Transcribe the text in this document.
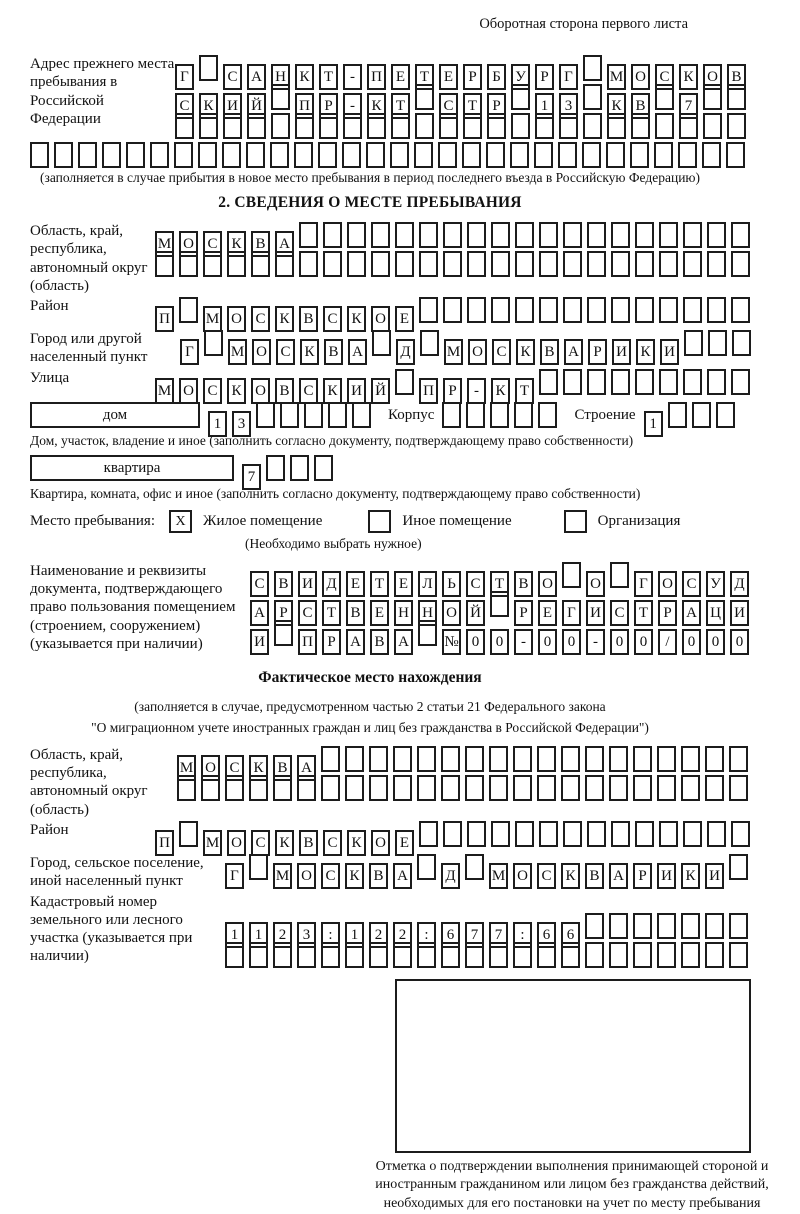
Оборотная сторона первого листа
Адрес прежнего места пребывания в Российской Федерации
Г	С А Н К Т - П Е Т Е Р Б У Р Г М О С К О В
С К И Й П Р - К Т	С Т Р	1 3	К В	7
(заполняется в случае прибытия в новое место пребывания в период последнего въезда в Российскую Федерацию)
2. СВЕДЕНИЯ О МЕСТЕ ПРЕБЫВАНИЯ
Область, край, республика, автономный округ (область)
М О С К В А
Район
П М О С К В С К О Е
Город или другой населенный пункт	Г М О С К В А Д М О С К В А Р И К И
Улица
М О С К О В С К И Й П Р - К Т
дом
1 3
Корпус	Строение
1
Дом, участок, владение и иное (заполнить согласно документу, подтверждающему право собственности)
квартира
7
Квартира, комната, офис и иное (заполнить согласно документу, подтверждающему право собственности)
Место пребывания:	X	Жилое помещение	Иное помещение	Организация
(Необходимо выбрать нужное)
Наименование и реквизиты документа, подтверждающего право пользования помещением (строением, сооружением) (указывается при наличии)
С В И Д Е Т Е Л Ь С Т В О О	Г О С У Д
А Р С Т В Е Н Н О Й	Р Е Г И С Т Р А Ц И
И П Р А В А № 0 0 - 0 0 - 0 0 / 0 0 0
Фактическое место нахождения
(заполняется в случае, предусмотренном частью 2 статьи 21 Федерального закона
"О миграционном учете иностранных граждан и лиц без гражданства в Российской Федерации")
Область, край, республика, автономный округ (область)
М О С К В А
Район
П М О С К В С К О Е
Город, сельское поселение, иной населенный пункт	Г М О С К В А Д М О С К В А Р И К И
Кадастровый номер земельного или лесного участка (указывается при наличии)
1 1 2 3 : 1 2 2 : 6 7 7 : 6 6
Отметка о подтверждении выполнения принимающей стороной и иностранным гражданином или лицом без гражданства действий, необходимых для его постановки на учет по месту пребывания
